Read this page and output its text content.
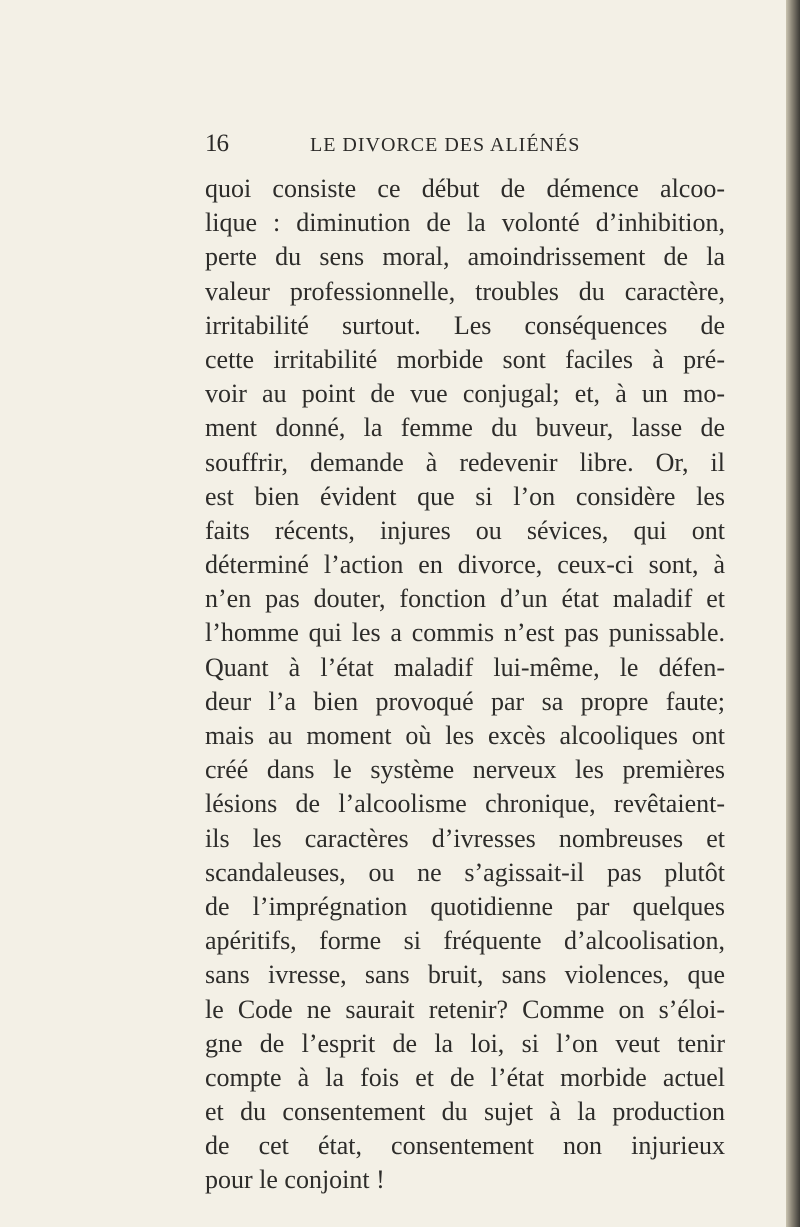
16	LE DIVORCE DES ALIÉNÉS
quoi consiste ce début de démence alcoo-
lique : diminution de la volonté d’inhibition,
perte du sens moral, amoindrissement de la
valeur professionnelle, troubles du caractère,
irritabilité surtout. Les conséquences de
cette irritabilité morbide sont faciles à pré-
voir au point de vue conjugal; et, à un mo-
ment donné, la femme du buveur, lasse de
souffrir, demande à redevenir libre. Or, il
est bien évident que si l’on considère les
faits récents, injures ou sévices, qui ont
déterminé l’action en divorce, ceux-ci sont, à
n’en pas douter, fonction d’un état maladif et
l’homme qui les a commis n’est pas punissable.
Quant à l’état maladif lui-même, le défen-
deur l’a bien provoqué par sa propre faute;
mais au moment où les excès alcooliques ont
créé dans le système nerveux les premières
lésions de l’alcoolisme chronique, revêtaient-
ils les caractères d’ivresses nombreuses et
scandaleuses, ou ne s’agissait-il pas plutôt
de l’imprégnation quotidienne par quelques
apéritifs, forme si fréquente d’alcoolisation,
sans ivresse, sans bruit, sans violences, que
le Code ne saurait retenir? Comme on s’éloi-
gne de l’esprit de la loi, si l’on veut tenir
compte à la fois et de l’état morbide actuel
et du consentement du sujet à la production
de cet état, consentement non injurieux
pour le conjoint !
